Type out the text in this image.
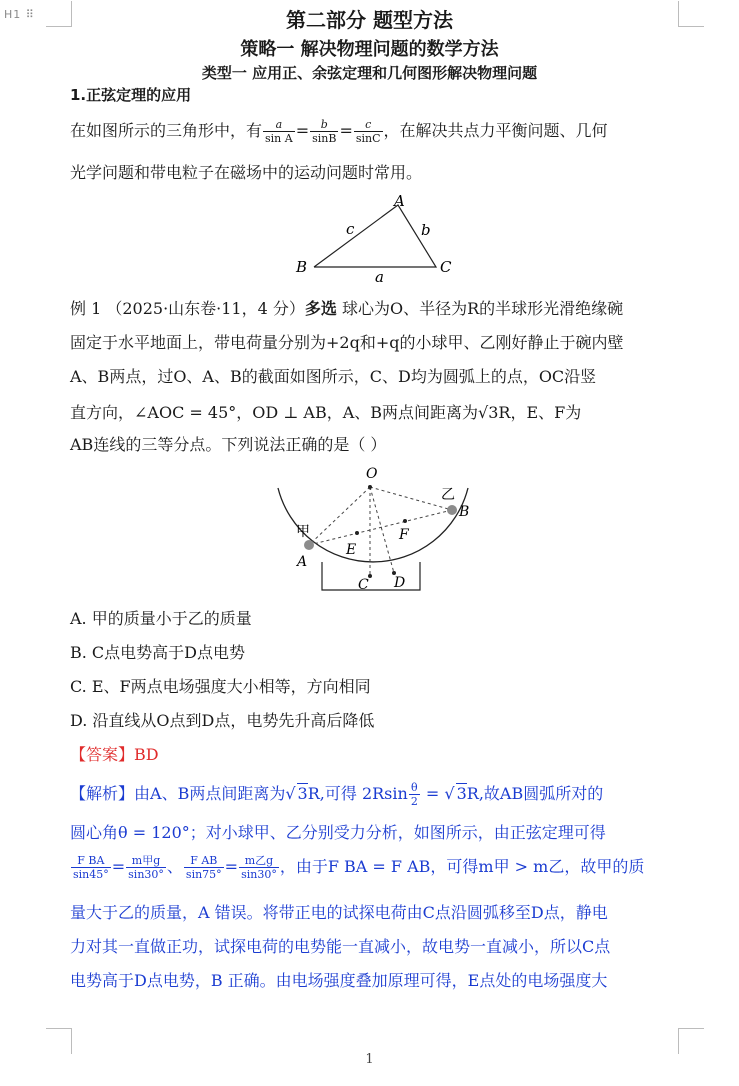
H1 ⠿	第二部分 题型方法
策略一 解决物理问题的数学方法
类型一 应用正、余弦定理和几何图形解决物理问题
1.正弦定理的应用
在如图所示的三角形中，有 $\frac{a}{\text{sin A}} = \frac{b}{\sin B} = \frac{c}{\sin C}$ ，在解决共点力平衡问题、几何
光学问题和带电粒子在磁场中的运动问题时常用。
A
B	C
a
b
c
例 1 （2025·山东卷·11，4 分）多选 球心为O、半径为R的半球形光滑绝缘碗
固定于水平地面上，带电荷量分别为+2q和+q的小球甲、乙刚好静止于碗内壁
A、B两点，过O、A、B的截面如图所示，C、D均为圆弧上的点，OC沿竖
直方向，∠AOC = 45°，OD ⊥ AB，A、B两点间距离为√3R，E、F为
AB连线的三等分点。下列说法正确的是（ ）
O
A
B
C D
E
F
甲
乙
A. 甲的质量小于乙的质量
B. C点电势高于D点电势
C. E、F两点电场强度大小相等，方向相同
D. 沿直线从O点到D点，电势先升高后降低
【答案】BD
【解析】由A、B两点间距离为√ 3R,可得 $2Rsin \frac{\theta}{2}$ = √ 3R,故AB圆弧所对的
圆心角θ = 120°；对小球甲、乙分别受力分析，如图所示，由正弦定理可得
$\frac{\text{F BA}}{\sin 45^\circ} = \frac{\text{m甲g}}{\sin 30^\circ}$ 、 $\frac{\text{F AB}}{\sin 75^\circ} = \frac{\text{m乙g}}{\sin 30^\circ}$ ，由于F BA = F AB，可得m甲 > m乙，故甲的质
量大于乙的质量，A 错误。将带正电的试探电荷由C点沿圆弧移至D点，静电
力对其一直做正功，试探电荷的电势能一直减小，故电势一直减小，所以C点
电势高于D点电势，B 正确。由电场强度叠加原理可得，E点处的电场强度大
1
